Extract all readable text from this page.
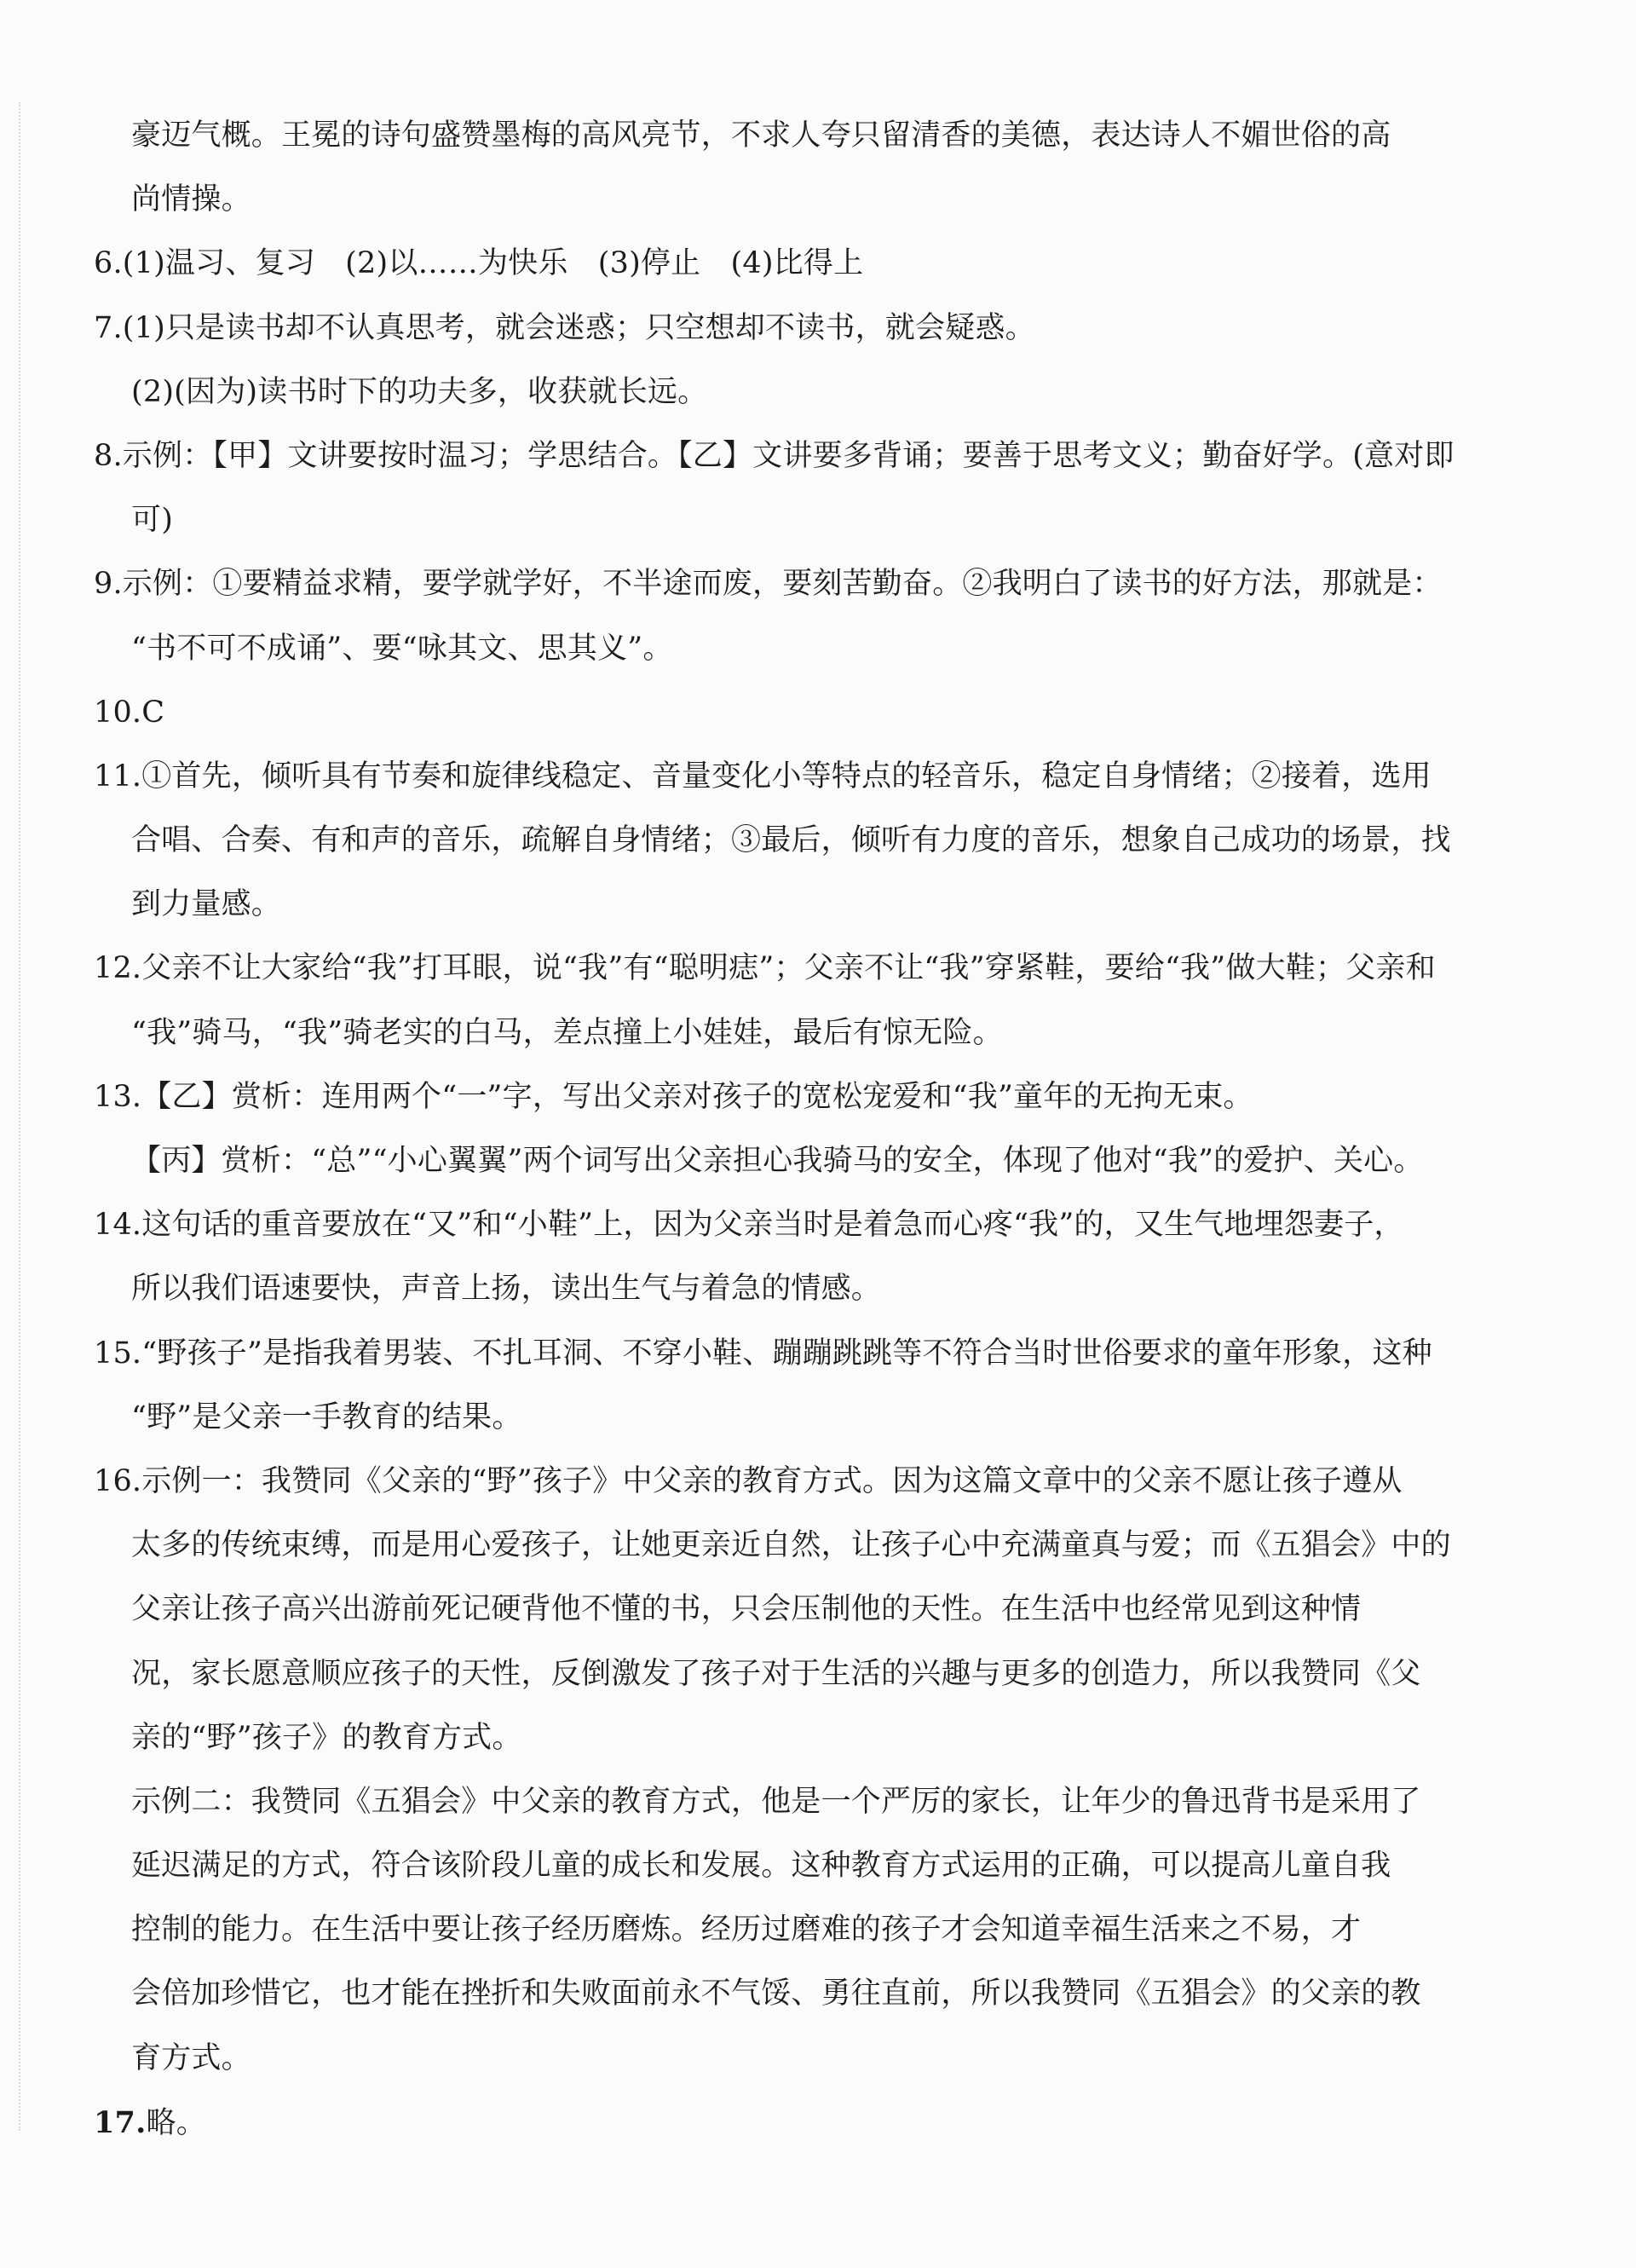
豪迈气概。王冕的诗句盛赞墨梅的高风亮节，不求人夸只留清香的美德，表达诗人不媚世俗的高
尚情操。
6.(1)温习、复习　(2)以……为快乐　(3)停止　(4)比得上
7.(1)只是读书却不认真思考，就会迷惑；只空想却不读书，就会疑惑。
(2)(因为)读书时下的功夫多，收获就长远。
8.示例：【甲】文讲要按时温习；学思结合。【乙】文讲要多背诵；要善于思考文义；勤奋好学。(意对即
可)
9.示例：①要精益求精，要学就学好，不半途而废，要刻苦勤奋。②我明白了读书的好方法，那就是：
“书不可不成诵”、要“咏其文、思其义”。
10.C
11.①首先，倾听具有节奏和旋律线稳定、音量变化小等特点的轻音乐，稳定自身情绪；②接着，选用
合唱、合奏、有和声的音乐，疏解自身情绪；③最后，倾听有力度的音乐，想象自己成功的场景，找
到力量感。
12.父亲不让大家给“我”打耳眼，说“我”有“聪明痣”；父亲不让“我”穿紧鞋，要给“我”做大鞋；父亲和
“我”骑马，“我”骑老实的白马，差点撞上小娃娃，最后有惊无险。
13.【乙】赏析：连用两个“一”字，写出父亲对孩子的宽松宠爱和“我”童年的无拘无束。
【丙】赏析：“总”“小心翼翼”两个词写出父亲担心我骑马的安全，体现了他对“我”的爱护、关心。
14.这句话的重音要放在“又”和“小鞋”上，因为父亲当时是着急而心疼“我”的，又生气地埋怨妻子，
所以我们语速要快，声音上扬，读出生气与着急的情感。
15.“野孩子”是指我着男装、不扎耳洞、不穿小鞋、蹦蹦跳跳等不符合当时世俗要求的童年形象，这种
“野”是父亲一手教育的结果。
16.示例一：我赞同《父亲的“野”孩子》中父亲的教育方式。因为这篇文章中的父亲不愿让孩子遵从
太多的传统束缚，而是用心爱孩子，让她更亲近自然，让孩子心中充满童真与爱；而《五猖会》中的
父亲让孩子高兴出游前死记硬背他不懂的书，只会压制他的天性。在生活中也经常见到这种情
况，家长愿意顺应孩子的天性，反倒激发了孩子对于生活的兴趣与更多的创造力，所以我赞同《父
亲的“野”孩子》的教育方式。
示例二：我赞同《五猖会》中父亲的教育方式，他是一个严厉的家长，让年少的鲁迅背书是采用了
延迟满足的方式，符合该阶段儿童的成长和发展。这种教育方式运用的正确，可以提高儿童自我
控制的能力。在生活中要让孩子经历磨炼。经历过磨难的孩子才会知道幸福生活来之不易，才
会倍加珍惜它，也才能在挫折和失败面前永不气馁、勇往直前，所以我赞同《五猖会》的父亲的教
育方式。
17.略。
